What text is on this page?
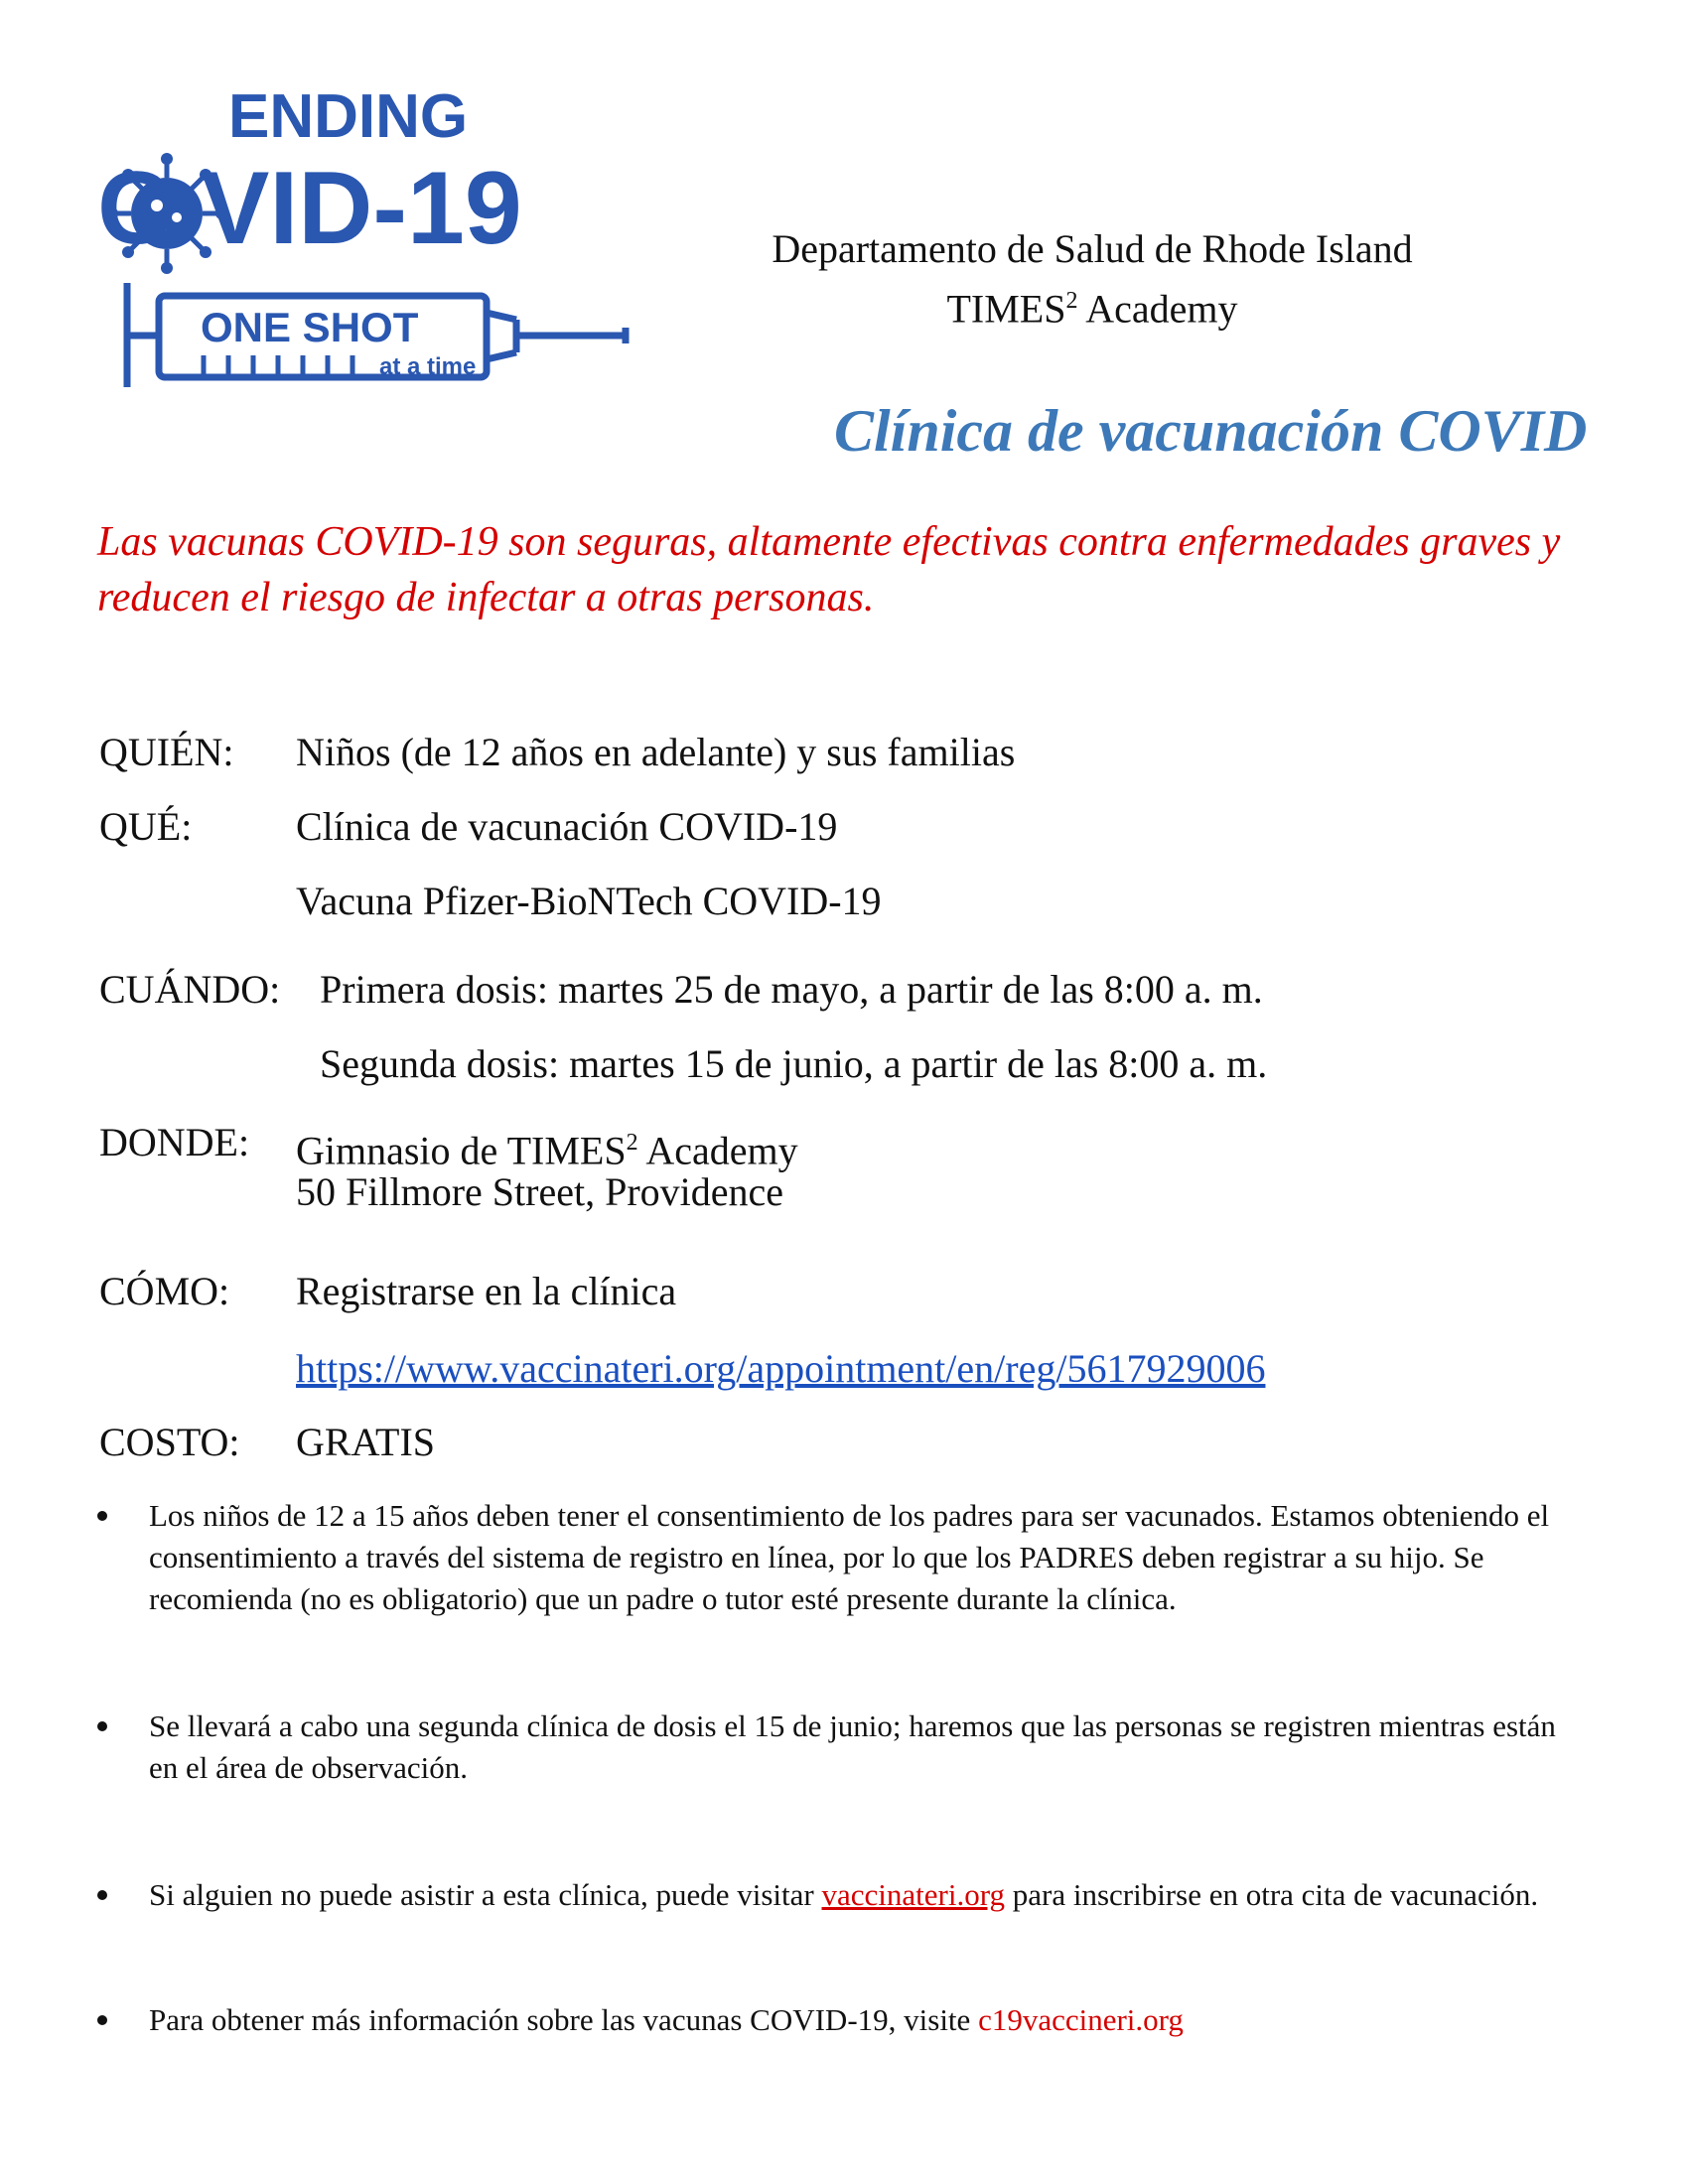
ENDING
C VID-19
ONE SHOT
at a time
Departamento de Salud de Rhode Island
TIMES$^2$ Academy
Clínica de vacunación COVID
Las vacunas COVID-19 son seguras, altamente efectivas contra enfermedades graves y reducen el riesgo de infectar a otras personas.
QUIÉN: Niños (de 12 años en adelante) y sus familias
QUÉ:	Clínica de vacunación COVID-19
Vacuna Pfizer-BioNTech COVID-19
CUÁNDO: Primera dosis: martes 25 de mayo, a partir de las 8:00 a. m.
Segunda dosis: martes 15 de junio, a partir de las 8:00 a. m.
DONDE: Gimnasio de TIMES$^2$ Academy
50 Fillmore Street, Providence
CÓMO: Registrarse en la clínica
https://www.vaccinateri.org/appointment/en/reg/5617929006
COSTO: GRATIS
Los niños de 12 a 15 años deben tener el consentimiento de los padres para ser vacunados. Estamos obteniendo el consentimiento a través del sistema de registro en línea, por lo que los PADRES deben registrar a su hijo. Se recomienda (no es obligatorio) que un padre o tutor esté presente durante la clínica.
Se llevará a cabo una segunda clínica de dosis el 15 de junio; haremos que las personas se registren mientras están en el área de observación.
Si alguien no puede asistir a esta clínica, puede visitar vaccinateri.org para inscribirse en otra cita de vacunación.
Para obtener más información sobre las vacunas COVID-19, visite c19vaccineri.org
